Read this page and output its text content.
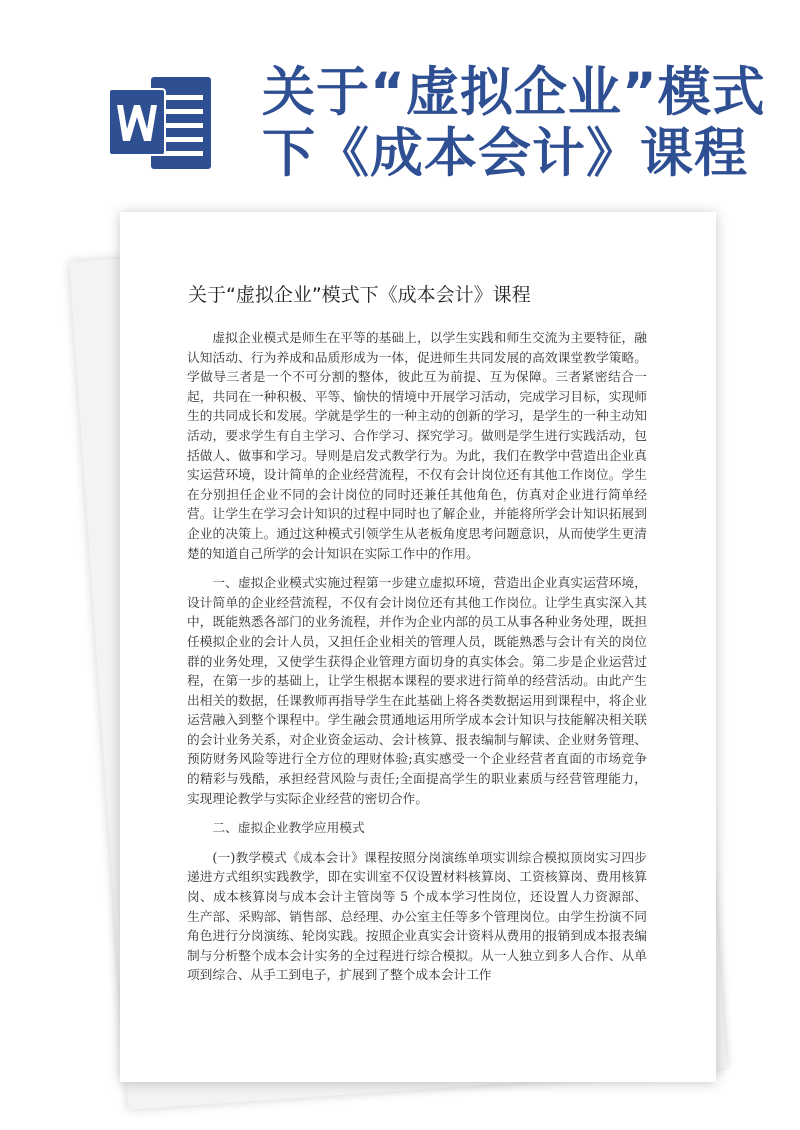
关于“虚拟企业”模式下《成本会计》课程
关于“虚拟企业”模式下《成本会计》课程

虚拟企业模式是师生在平等的基础上，以学生实践和师生交流为主要特征，融认知活动、行为养成和品质形成为一体，促进师生共同发展的高效课堂教学策略。学做导三者是一个不可分割的整体，彼此互为前提、互为保障。三者紧密结合一起，共同在一种积极、平等、愉快的情境中开展学习活动，完成学习目标，实现师生的共同成长和发展。学就是学生的一种主动的创新的学习，是学生的一种主动知活动，要求学生有自主学习、合作学习、探究学习。做则是学生进行实践活动，包括做人、做事和学习。导则是启发式教学行为。为此，我们在教学中营造出企业真实运营环境，设计简单的企业经营流程，不仅有会计岗位还有其他工作岗位。学生在分别担任企业不同的会计岗位的同时还兼任其他角色，仿真对企业进行简单经营。让学生在学习会计知识的过程中同时也了解企业，并能将所学会计知识拓展到企业的决策上。通过这种模式引领学生从老板角度思考问题意识，从而使学生更清楚的知道自己所学的会计知识在实际工作中的作用。

一、虚拟企业模式实施过程第一步建立虚拟环境，营造出企业真实运营环境，设计简单的企业经营流程，不仅有会计岗位还有其他工作岗位。让学生真实深入其中，既能熟悉各部门的业务流程，并作为企业内部的员工从事各种业务处理，既担任模拟企业的会计人员，又担任企业相关的管理人员，既能熟悉与会计有关的岗位群的业务处理，又使学生获得企业管理方面切身的真实体会。第二步是企业运营过程，在第一步的基础上，让学生根据本课程的要求进行简单的经营活动。由此产生出相关的数据，任课教师再指导学生在此基础上将各类数据运用到课程中，将企业运营融入到整个课程中。学生融会贯通地运用所学成本会计知识与技能解决相关联的会计业务关系，对企业资金运动、会计核算、报表编制与解读、企业财务管理、预防财务风险等进行全方位的理财体验;真实感受一个企业经营者直面的市场竞争的精彩与残酷，承担经营风险与责任;全面提高学生的职业素质与经营管理能力，实现理论教学与实际企业经营的密切合作。

二、虚拟企业教学应用模式

(一)教学模式《成本会计》课程按照分岗演练单项实训综合模拟顶岗实习四步递进方式组织实践教学，即在实训室不仅设置材料核算岗、工资核算岗、费用核算岗、成本核算岗与成本会计主管岗等 5 个成本学习性岗位，还设置人力资源部、生产部、采购部、销售部、总经理、办公室主任等多个管理岗位。由学生扮演不同角色进行分岗演练、轮岗实践。按照企业真实会计资料从费用的报销到成本报表编制与分析整个成本会计实务的全过程进行综合模拟。从一人独立到多人合作、从单项到综合、从手工到电子，扩展到了整个成本会计工作
